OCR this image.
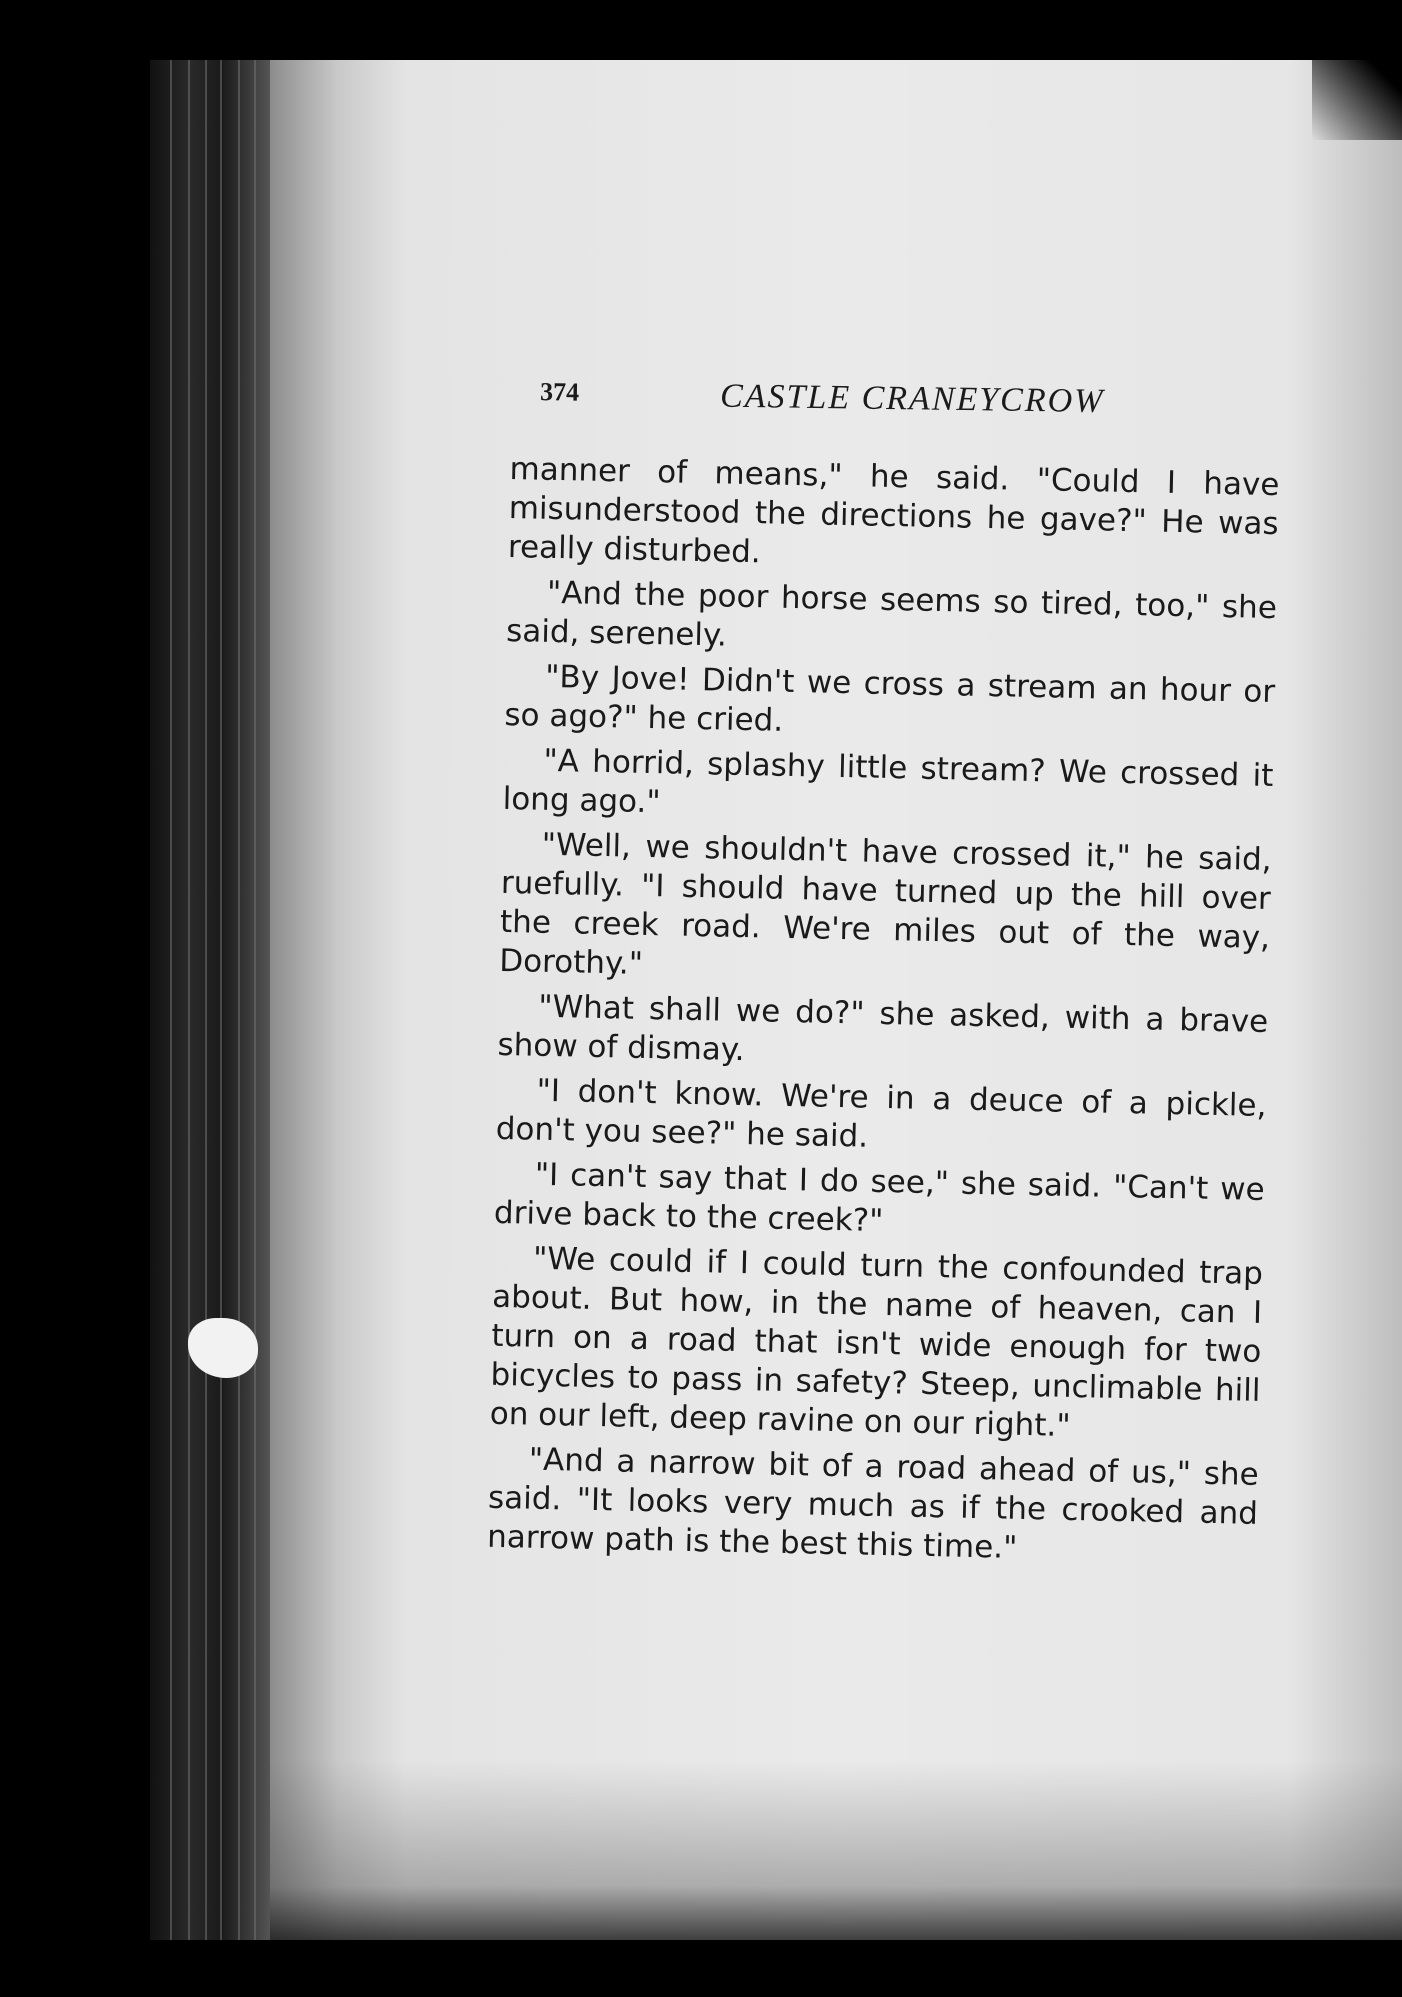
374	CASTLE CRANEYCROW

manner of means," he said. "Could I have misunderstood the directions he gave?" He was really disturbed.

"And the poor horse seems so tired, too," she said, serenely.

"By Jove! Didn't we cross a stream an hour or so ago?" he cried.

"A horrid, splashy little stream? We crossed it long ago."

"Well, we shouldn't have crossed it," he said, ruefully. "I should have turned up the hill over the creek road. We're miles out of the way, Dorothy."

"What shall we do?" she asked, with a brave show of dismay.

"I don't know. We're in a deuce of a pickle, don't you see?" he said.

"I can't say that I do see," she said. "Can't we drive back to the creek?"

"We could if I could turn the confounded trap about. But how, in the name of heaven, can I turn on a road that isn't wide enough for two bicycles to pass in safety? Steep, unclimable hill on our left, deep ravine on our right."

"And a narrow bit of a road ahead of us," she said. "It looks very much as if the crooked and narrow path is the best this time."
